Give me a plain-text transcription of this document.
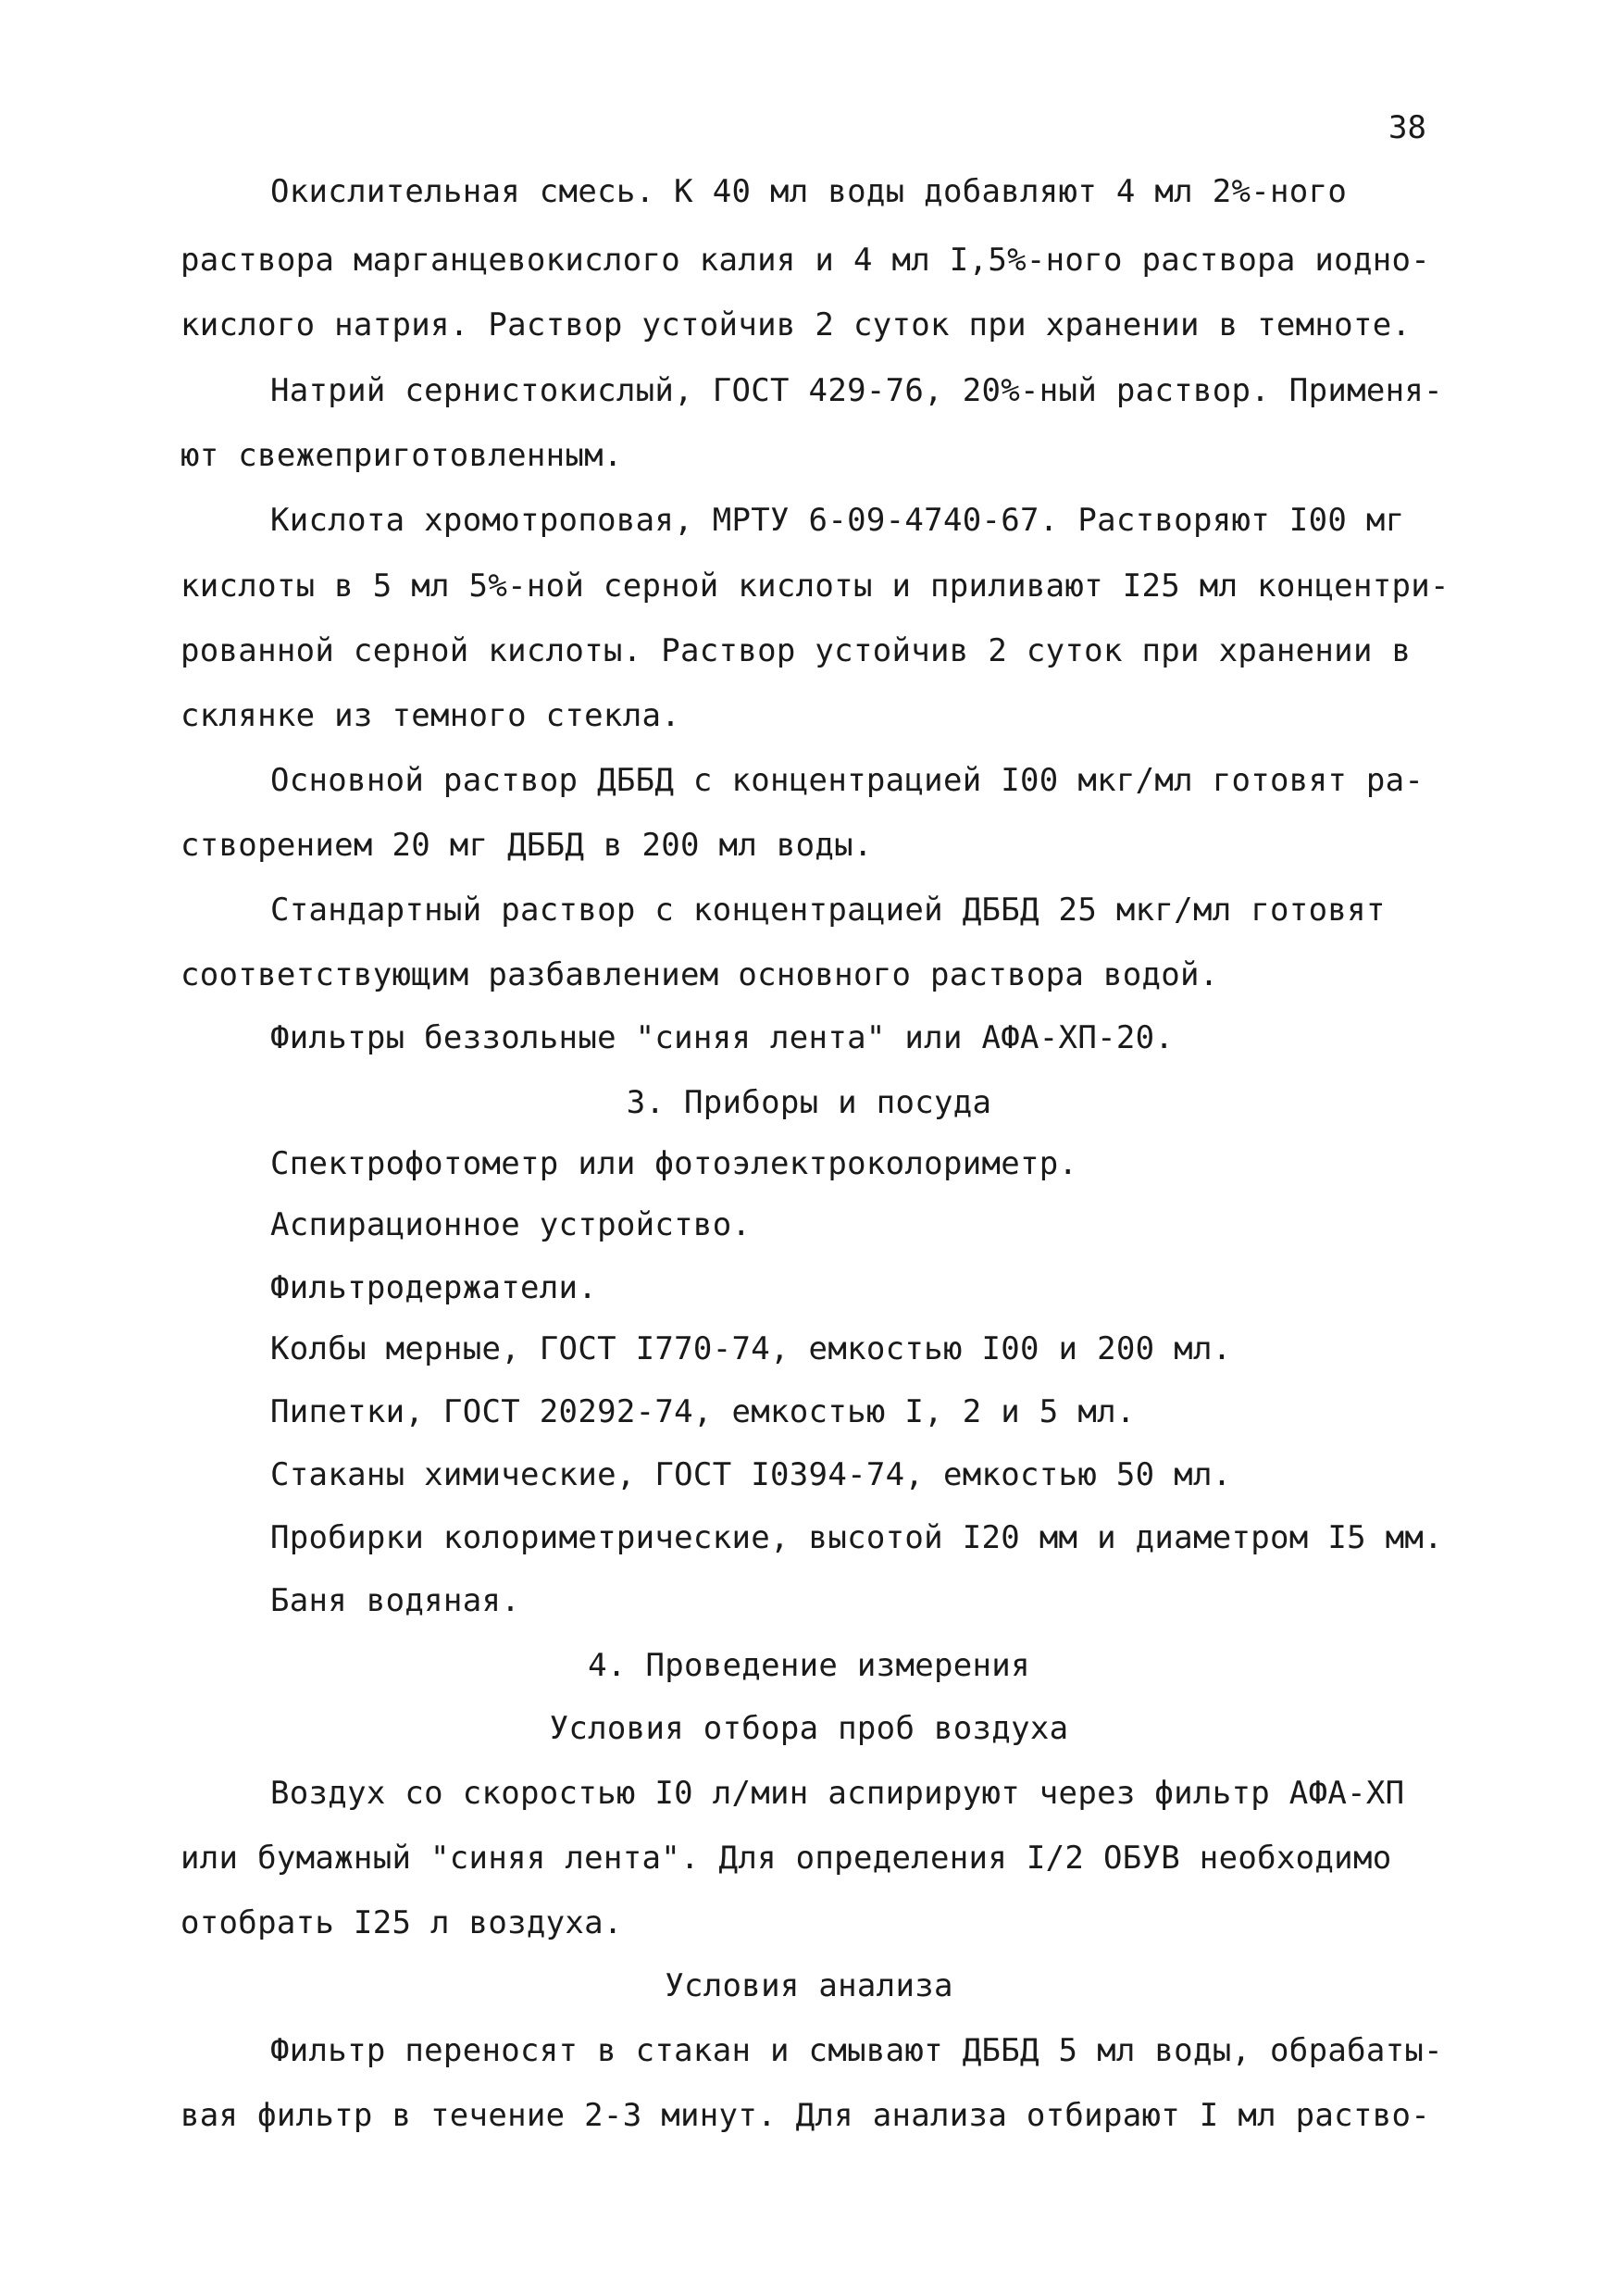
38
Окислительная смесь. К 40 мл воды добавляют 4 мл 2%-ного
раствора марганцевокислого калия и 4 мл I,5%-ного раствора иодно-
кислого натрия. Раствор устойчив 2 суток при хранении в темноте.
Натрий сернистокислый, ГОСТ 429-76, 20%-ный раствор. Применя-
ют свежеприготовленным.
Кислота хромотроповая, МРТУ 6-09-4740-67. Растворяют I00 мг
кислоты в 5 мл 5%-ной серной кислоты и приливают I25 мл концентри-
рованной серной кислоты. Раствор устойчив 2 суток при хранении в
склянке из темного стекла.
Основной раствор ДББД с концентрацией I00 мкг/мл готовят ра-
створением 20 мг ДББД в 200 мл воды.
Стандартный раствор с концентрацией ДББД 25 мкг/мл готовят
соответствующим разбавлением основного раствора водой.
Фильтры беззольные "синяя лента" или АФА-ХП-20.
3. Приборы и посуда
Спектрофотометр или фотоэлектроколориметр.
Аспирационное устройство.
Фильтродержатели.
Колбы мерные, ГОСТ I770-74, емкостью I00 и 200 мл.
Пипетки, ГОСТ 20292-74, емкостью I, 2 и 5 мл.
Стаканы химические, ГОСТ I0394-74, емкостью 50 мл.
Пробирки колориметрические, высотой I20 мм и диаметром I5 мм.
Баня водяная.
4. Проведение измерения
Условия отбора проб воздуха
Воздух со скоростью I0 л/мин аспирируют через фильтр АФА-ХП
или бумажный "синяя лента". Для определения I/2 ОБУВ необходимо
отобрать I25 л воздуха.
Условия анализа
Фильтр переносят в стакан и смывают ДББД 5 мл воды, обрабаты-
вая фильтр в течение 2-3 минут. Для анализа отбирают I мл раство-
